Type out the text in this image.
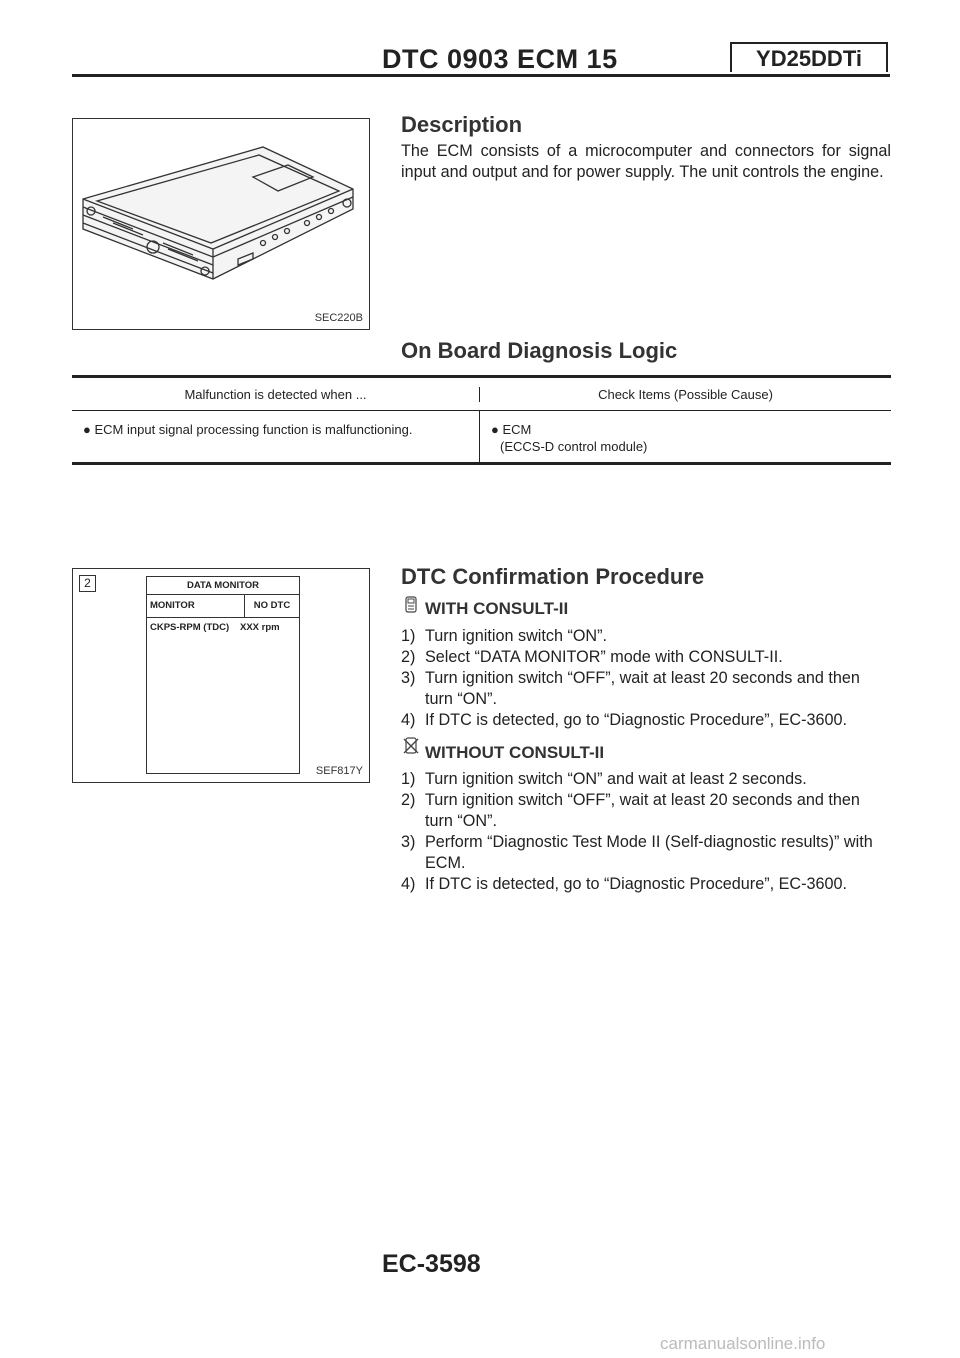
DTC 0903 ECM 15	YD25DDTi
SEC220B
Description
The ECM consists of a microcomputer and connectors for signal input and output and for power supply. The unit controls the engine.
On Board Diagnosis Logic
Malfunction is detected when ...	Check Items (Possible Cause)
● ECM input signal processing function is malfunctioning.	● ECM
(ECCS-D control module)
2	DATA MONITOR
MONITOR	NO DTC
CKPS-RPM (TDC)	XXX rpm
SEF817Y
DTC Confirmation Procedure
WITH CONSULT-II
1) Turn ignition switch “ON”.
2) Select “DATA MONITOR” mode with CONSULT-II.
3) Turn ignition switch “OFF”, wait at least 20 seconds and then turn “ON”.
4) If DTC is detected, go to “Diagnostic Procedure”, EC-3600.
WITHOUT CONSULT-II
1) Turn ignition switch “ON” and wait at least 2 seconds.
2) Turn ignition switch “OFF”, wait at least 20 seconds and then turn “ON”.
3) Perform “Diagnostic Test Mode II (Self-diagnostic results)” with ECM.
4) If DTC is detected, go to “Diagnostic Procedure”, EC-3600.
EC-3598
carmanualsonline.info
